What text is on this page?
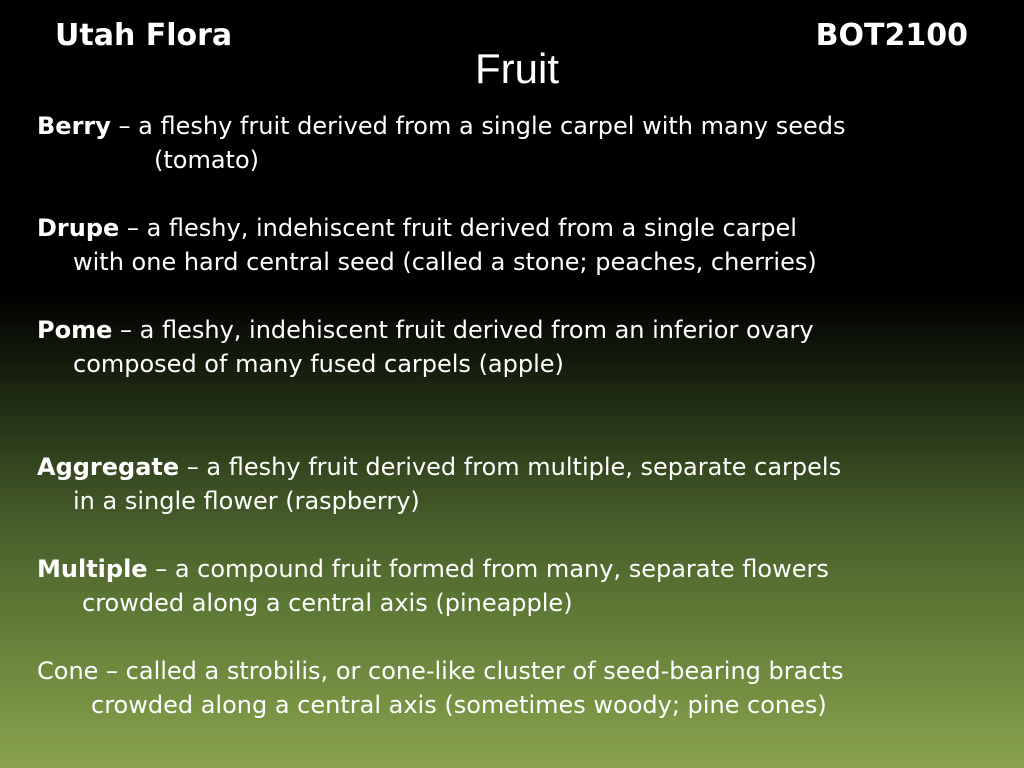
Utah Flora	BOT2100
Fruit
Berry – a fleshy fruit derived from a single carpel with many seeds
(tomato)
Drupe – a fleshy, indehiscent fruit derived from a single carpel
with one hard central seed (called a stone; peaches, cherries)
Pome – a fleshy, indehiscent fruit derived from an inferior ovary
composed of many fused carpels (apple)
Aggregate – a fleshy fruit derived from multiple, separate carpels
in a single flower (raspberry)
Multiple – a compound fruit formed from many, separate flowers
crowded along a central axis (pineapple)
Cone – called a strobilis, or cone-like cluster of seed-bearing bracts
crowded along a central axis (sometimes woody; pine cones)
